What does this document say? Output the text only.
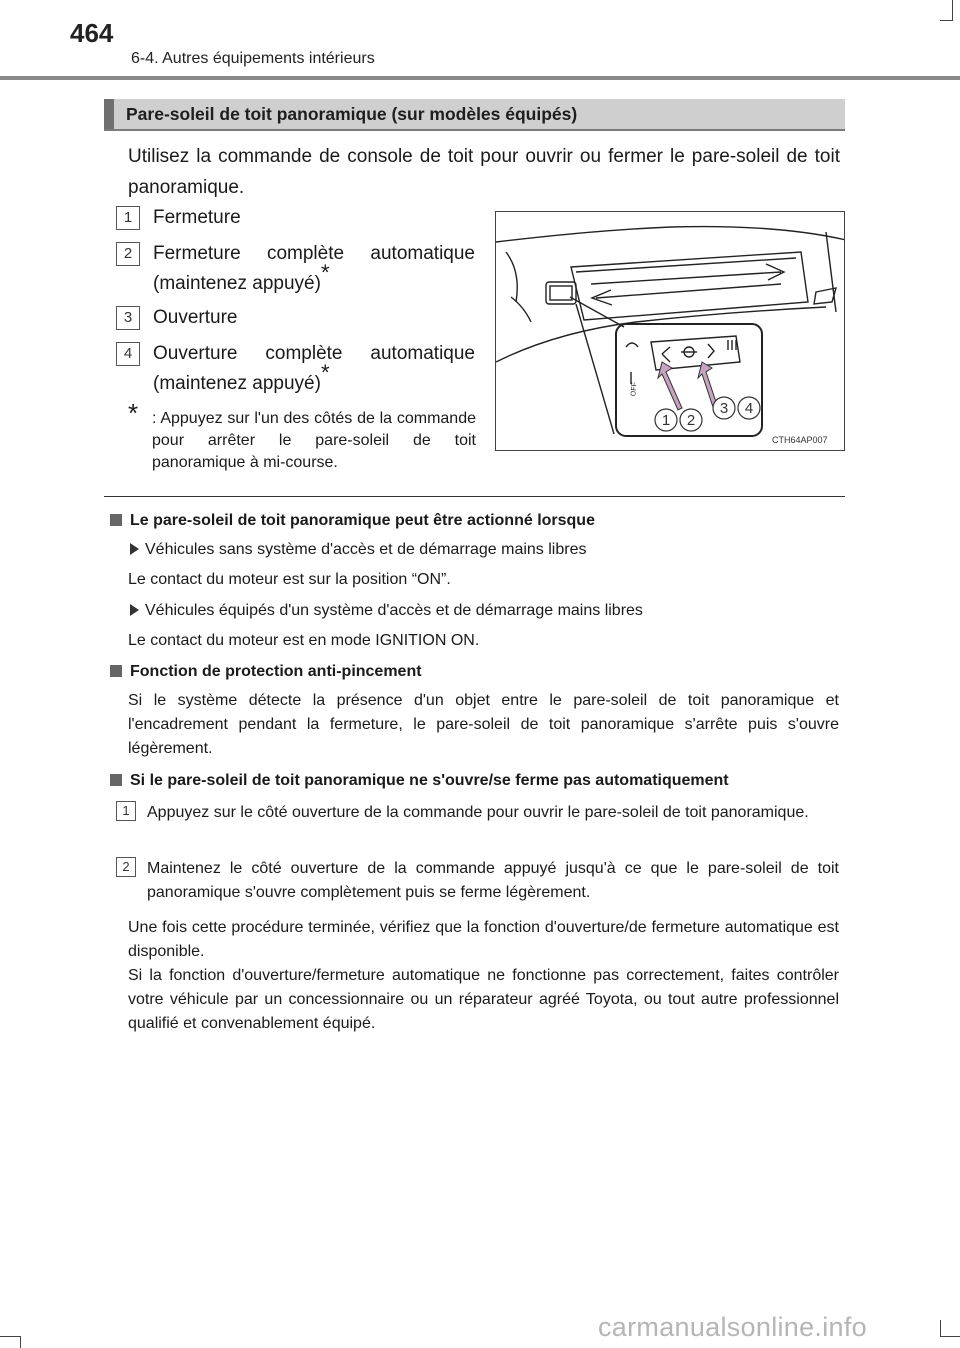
464
6-4. Autres équipements intérieurs
Pare-soleil de toit panoramique (sur modèles équipés)
Utilisez la commande de console de toit pour ouvrir ou fermer le pare-soleil de toit panoramique.
1	Fermeture
2	Fermeture complète automatique (maintenez appuyé)*
3	Ouverture
4	Ouverture complète automatique (maintenez appuyé)*
* : Appuyez sur l'un des côtés de la commande pour arrêter le pare-soleil de toit panoramique à mi-course.
OFF
1 2
3 4
CTH64AP007
Le pare-soleil de toit panoramique peut être actionné lorsque
Véhicules sans système d'accès et de démarrage mains libres
Le contact du moteur est sur la position “ON”.
Véhicules équipés d'un système d'accès et de démarrage mains libres
Le contact du moteur est en mode IGNITION ON.
Fonction de protection anti-pincement
Si le système détecte la présence d'un objet entre le pare-soleil de toit panoramique et l'encadrement pendant la fermeture, le pare-soleil de toit panoramique s'arrête puis s'ouvre légèrement.
Si le pare-soleil de toit panoramique ne s'ouvre/se ferme pas automatiquement
1	Appuyez sur le côté ouverture de la commande pour ouvrir le pare-soleil de toit panoramique.
2	Maintenez le côté ouverture de la commande appuyé jusqu'à ce que le pare-soleil de toit panoramique s'ouvre complètement puis se ferme légèrement.
Une fois cette procédure terminée, vérifiez que la fonction d'ouverture/de fermeture automatique est disponible.
Si la fonction d'ouverture/fermeture automatique ne fonctionne pas correctement, faites contrôler votre véhicule par un concessionnaire ou un réparateur agréé Toyota, ou tout autre professionnel qualifié et convenablement équipé.
carmanualsonline.info
